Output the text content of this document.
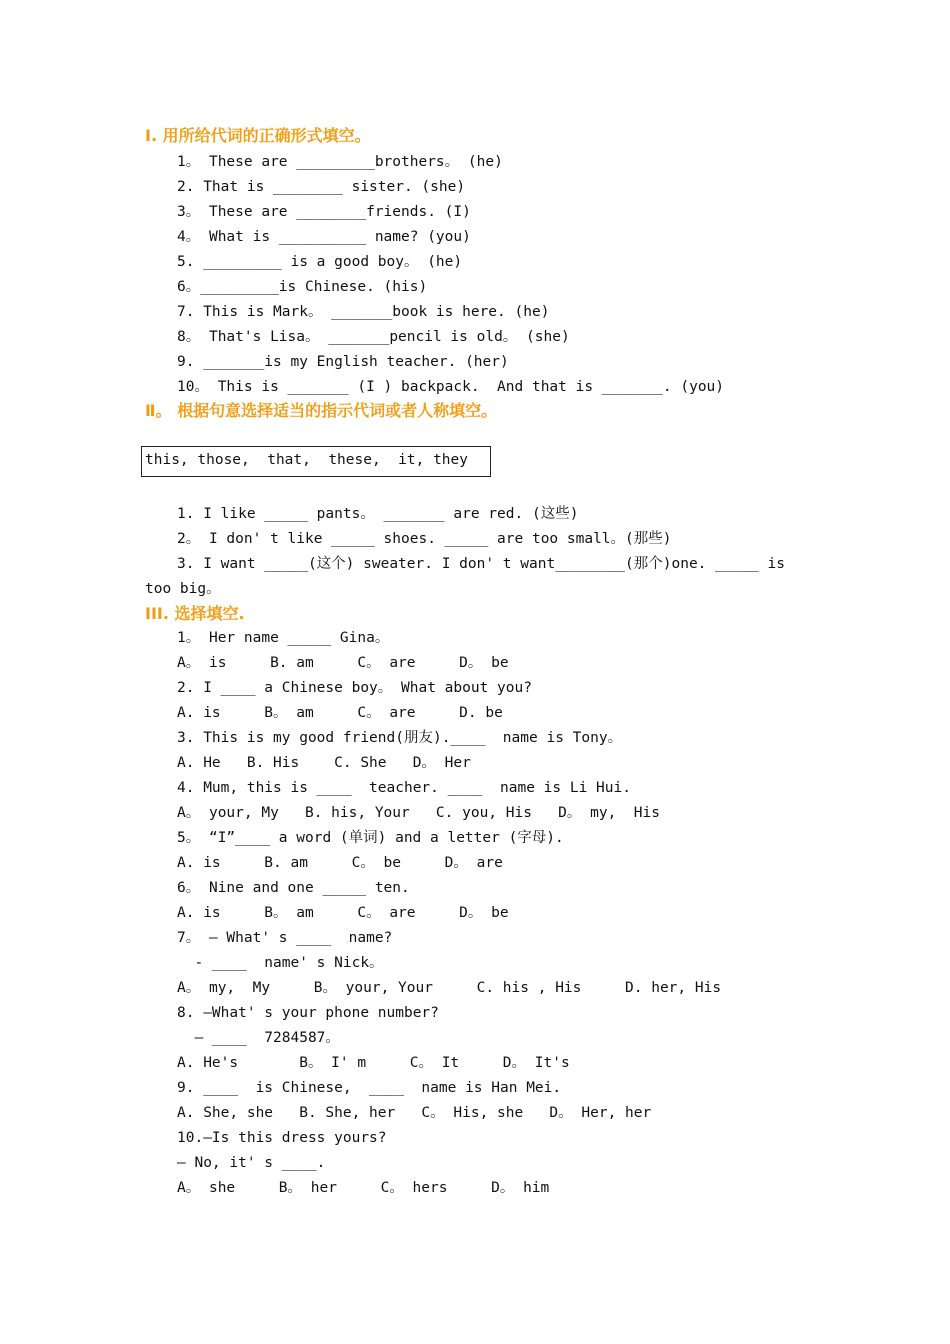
Ⅰ. 用所给代词的正确形式填空。
1。 These are _________brothers。 (he)
2. That is ________ sister. (she)
3。 These are ________friends. (I)
4。 What is __________ name? (you)
5. _________ is a good boy。 (he)
6。_________is Chinese. (his)
7. This is Mark。 _______book is here. (he)
8。 That's Lisa。 _______pencil is old。 (she)
9. _______is my English teacher. (her)
10。 This is _______ (I ) backpack.  And that is _______. (you)
Ⅱ。 根据句意选择适当的指示代词或者人称填空。
this, those,  that,  these,  it, they
1. I like _____ pants。 _______ are red. (这些)
2。 I don' t like _____ shoes. _____ are too small。(那些)
3. I want _____(这个) sweater. I don' t want________(那个)one. _____ is
too big。
III. 选择填空.
1。 Her name _____ Gina。
A。 is     B. am     C。 are     D。 be
2. I ____ a Chinese boy。 What about you?
A. is     B。 am     C。 are     D. be
3. This is my good friend(朋友).____  name is Tony。
A. He   B. His    C. She   D。 Her
4. Mum, this is ____  teacher. ____  name is Li Hui.
A。 your, My   B. his, Your   C. you, His   D。 my,  His
5。 “I”____ a word (单词) and a letter (字母).
A. is     B. am     C。 be     D。 are
6。 Nine and one _____ ten.
A. is     B。 am     C。 are     D。 be
7。 — What' s ____  name?
- ____  name' s Nick。
A。 my,  My     B。 your, Your     C. his , His     D. her, His
8. —What' s your phone number?
— ____  7284587。
A. He's       B。 I' m     C。 It     D。 It's
9. ____  is Chinese,  ____  name is Han Mei.
A. She, she   B. She, her   C。 His, she   D。 Her, her
10.—Is this dress yours?
— No, it' s ____.
A。 she     B。 her     C。 hers     D。 him
